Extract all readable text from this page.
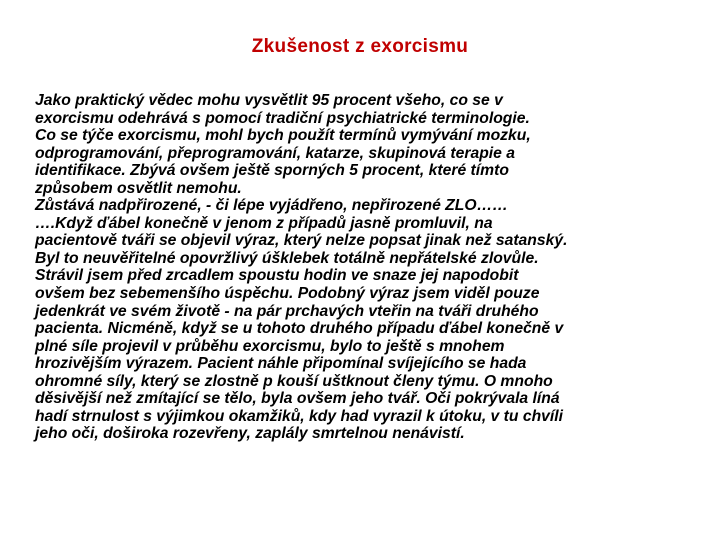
Zkušenost z exorcismu
Jako praktický vědec mohu vysvětlit 95 procent všeho, co se v
exorcismu odehrává s pomocí tradiční psychiatrické terminologie.
Co se týče exorcismu, mohl bych použít termínů vymývání mozku,
odprogramování, přeprogramování, katarze, skupinová terapie a
identifikace. Zbývá ovšem ještě sporných 5 procent, které tímto
způsobem osvětlit nemohu.
Zůstává nadpřirozené, - či lépe vyjádřeno, nepřirozené ZLO……
….Když ďábel konečně v jenom z případů jasně promluvil, na
pacientově tváři se objevil výraz, který nelze popsat jinak než satanský.
Byl to neuvěřitelné opovržlivý úšklebek totálně nepřátelské zlovůle.
Strávil jsem před zrcadlem spoustu hodin ve snaze jej napodobit
ovšem bez sebemenšího úspěchu. Podobný výraz jsem viděl pouze
jedenkrát ve svém životě - na pár prchavých vteřin na tváři druhého
pacienta. Nicméně, když se u tohoto druhého případu ďábel konečně v
plné síle projevil v průběhu exorcismu, bylo to ještě s mnohem
hrozivějším výrazem. Pacient náhle připomínal svíjejícího se hada
ohromné síly, který se zlostně p kouší uštknout členy týmu. O mnoho
děsivější než zmítající se tělo, byla ovšem jeho tvář. Oči pokrývala líná
hadí strnulost s výjimkou okamžiků, kdy had vyrazil k útoku, v tu chvíli
jeho oči, doširoka rozevřeny, zaplály smrtelnou nenávistí.
